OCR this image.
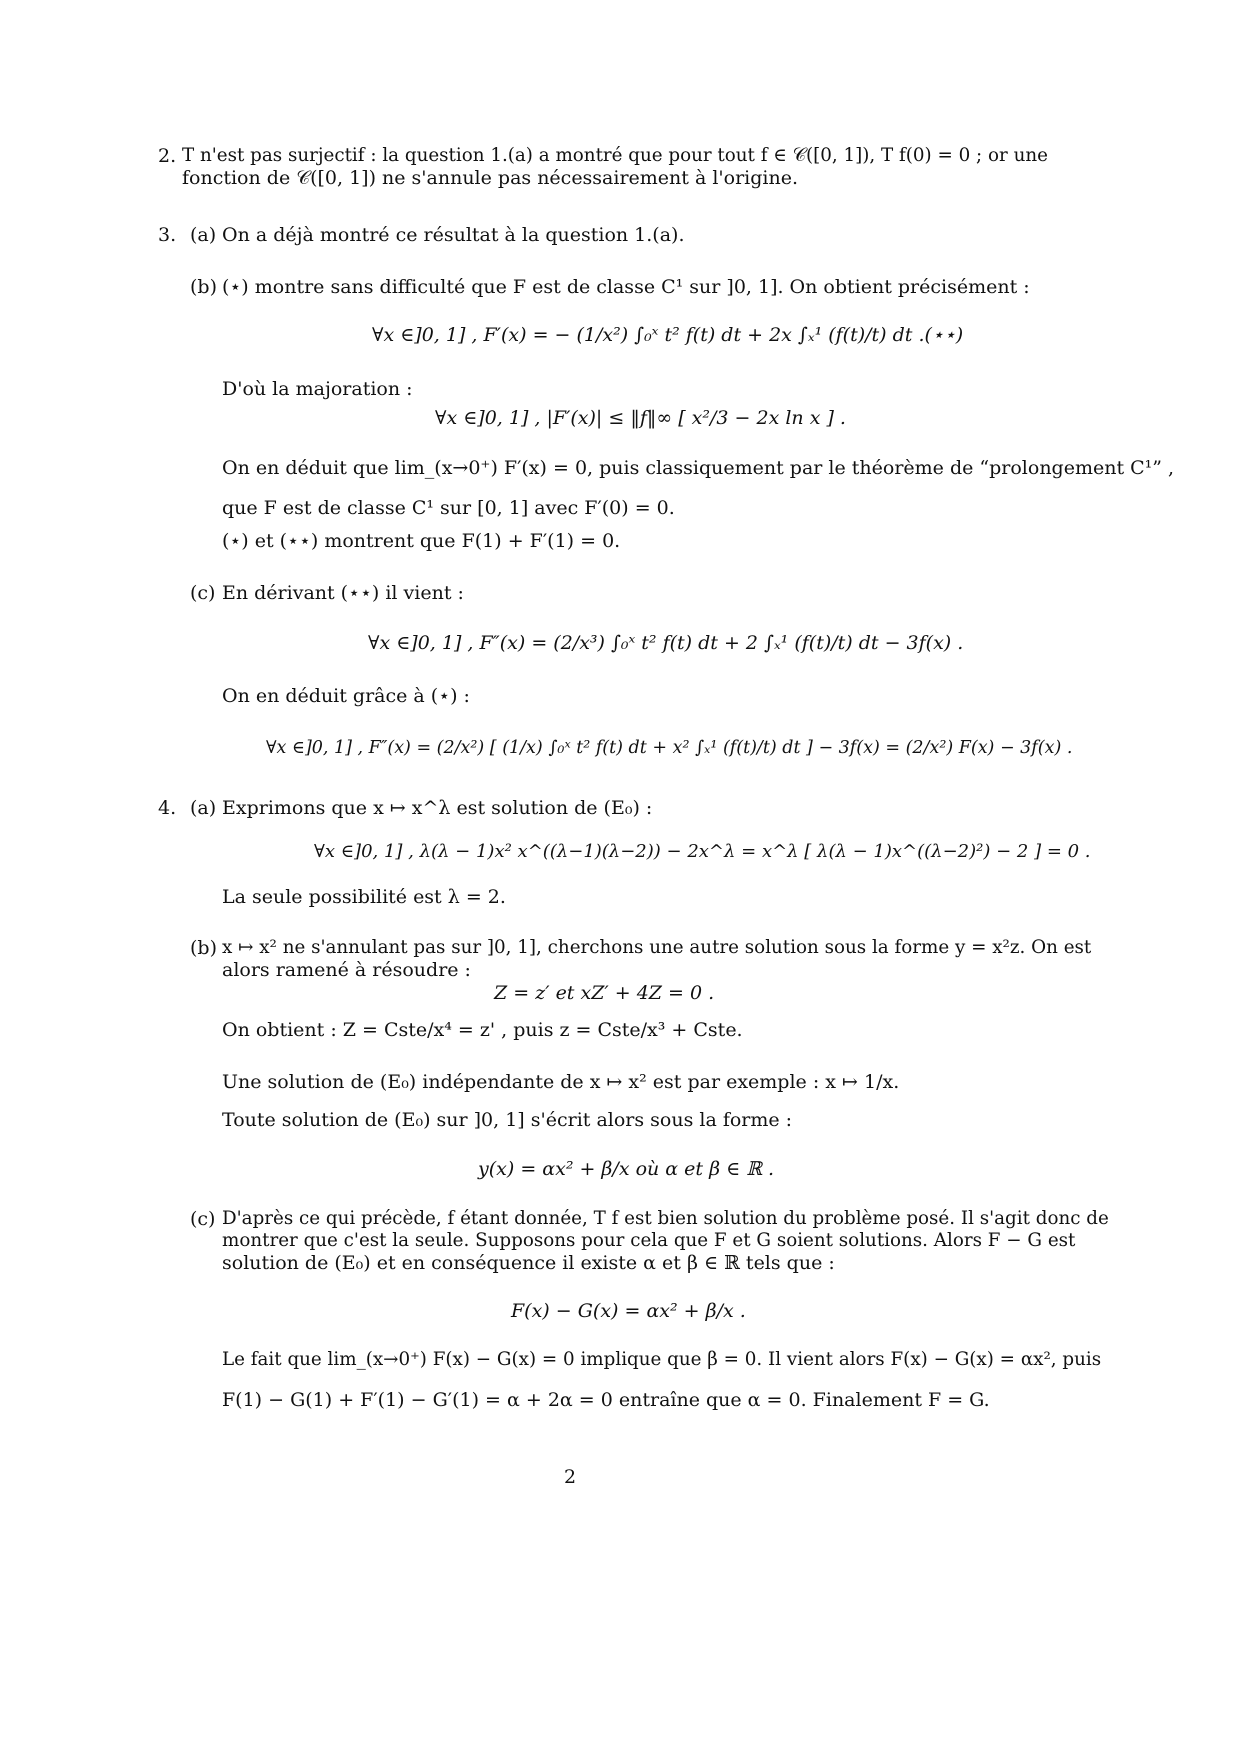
2. T n'est pas surjectif : la question 1.(a) a montré que pour tout f ∈ 𝒞([0, 1]), T f(0) = 0 ; or une
fonction de 𝒞([0, 1]) ne s'annule pas nécessairement à l'origine.
3. (a) On a déjà montré ce résultat à la question 1.(a).
(b) (⋆) montre sans difficulté que F est de classe C¹ sur ]0, 1]. On obtient précisément :
∀x ∈]0, 1] , F′(x) = − (1/x²) ∫₀ˣ t² f(t) dt + 2x ∫ₓ¹ (f(t)/t) dt .(⋆⋆)
D'où la majoration :
∀x ∈]0, 1] , |F′(x)| ≤ ‖f‖∞ [ x²/3 − 2x ln x ] .
On en déduit que lim_(x→0⁺) F′(x) = 0, puis classiquement par le théorème de “prolongement C¹” ,
que F est de classe C¹ sur [0, 1] avec F′(0) = 0.
(⋆) et (⋆⋆) montrent que F(1) + F′(1) = 0.
(c) En dérivant (⋆⋆) il vient :
∀x ∈]0, 1] , F″(x) = (2/x³) ∫₀ˣ t² f(t) dt + 2 ∫ₓ¹ (f(t)/t) dt − 3f(x) .
On en déduit grâce à (⋆) :
∀x ∈]0, 1] , F″(x) = (2/x²) [ (1/x) ∫₀ˣ t² f(t) dt + x² ∫ₓ¹ (f(t)/t) dt ] − 3f(x) = (2/x²) F(x) − 3f(x) .
4. (a) Exprimons que x ↦ x^λ est solution de (E₀) :
∀x ∈]0, 1] , λ(λ − 1)x² x^((λ−1)(λ−2)) − 2x^λ = x^λ [ λ(λ − 1)x^((λ−2)²) − 2 ] = 0 .
La seule possibilité est λ = 2.
(b) x ↦ x² ne s'annulant pas sur ]0, 1], cherchons une autre solution sous la forme y = x²z. On est
alors ramené à résoudre :
Z = z′ et xZ′ + 4Z = 0 .
On obtient : Z = Cste/x⁴ = z' , puis z = Cste/x³ + Cste.
Une solution de (E₀) indépendante de x ↦ x² est par exemple : x ↦ 1/x.
Toute solution de (E₀) sur ]0, 1] s'écrit alors sous la forme :
y(x) = αx² + β/x où α et β ∈ ℝ .
(c) D'après ce qui précède, f étant donnée, T f est bien solution du problème posé. Il s'agit donc de
montrer que c'est la seule. Supposons pour cela que F et G soient solutions. Alors F − G est
solution de (E₀) et en conséquence il existe α et β ∈ ℝ tels que :
F(x) − G(x) = αx² + β/x .
Le fait que lim_(x→0⁺) F(x) − G(x) = 0 implique que β = 0. Il vient alors F(x) − G(x) = αx², puis
F(1) − G(1) + F′(1) − G′(1) = α + 2α = 0 entraîne que α = 0. Finalement F = G.
2
